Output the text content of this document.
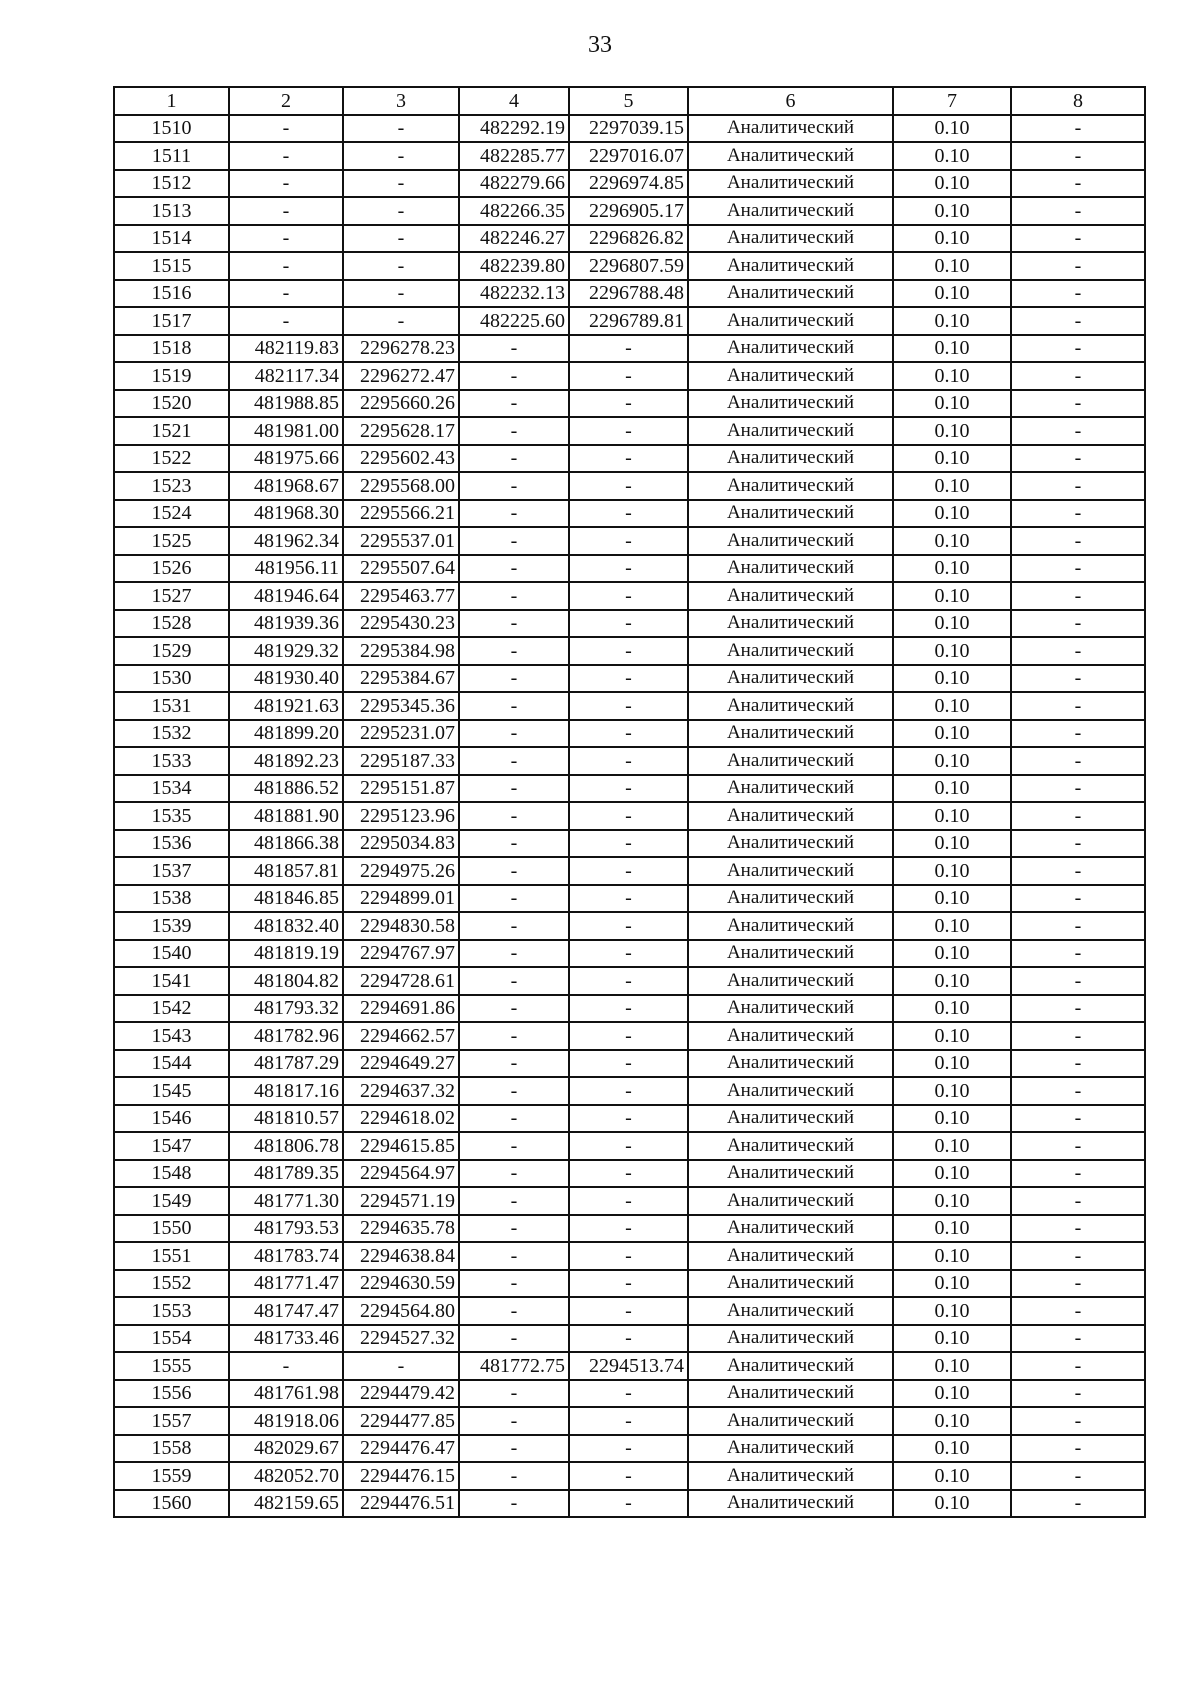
33
1	2	3	4	5	6	7	8
1510	-	-	482292.19	2297039.15	Аналитический	0.10	-
1511	-	-	482285.77	2297016.07	Аналитический	0.10	-
1512	-	-	482279.66	2296974.85	Аналитический	0.10	-
1513	-	-	482266.35	2296905.17	Аналитический	0.10	-
1514	-	-	482246.27	2296826.82	Аналитический	0.10	-
1515	-	-	482239.80	2296807.59	Аналитический	0.10	-
1516	-	-	482232.13	2296788.48	Аналитический	0.10	-
1517	-	-	482225.60	2296789.81	Аналитический	0.10	-
1518	482119.83	2296278.23	-	-	Аналитический	0.10	-
1519	482117.34	2296272.47	-	-	Аналитический	0.10	-
1520	481988.85	2295660.26	-	-	Аналитический	0.10	-
1521	481981.00	2295628.17	-	-	Аналитический	0.10	-
1522	481975.66	2295602.43	-	-	Аналитический	0.10	-
1523	481968.67	2295568.00	-	-	Аналитический	0.10	-
1524	481968.30	2295566.21	-	-	Аналитический	0.10	-
1525	481962.34	2295537.01	-	-	Аналитический	0.10	-
1526	481956.11	2295507.64	-	-	Аналитический	0.10	-
1527	481946.64	2295463.77	-	-	Аналитический	0.10	-
1528	481939.36	2295430.23	-	-	Аналитический	0.10	-
1529	481929.32	2295384.98	-	-	Аналитический	0.10	-
1530	481930.40	2295384.67	-	-	Аналитический	0.10	-
1531	481921.63	2295345.36	-	-	Аналитический	0.10	-
1532	481899.20	2295231.07	-	-	Аналитический	0.10	-
1533	481892.23	2295187.33	-	-	Аналитический	0.10	-
1534	481886.52	2295151.87	-	-	Аналитический	0.10	-
1535	481881.90	2295123.96	-	-	Аналитический	0.10	-
1536	481866.38	2295034.83	-	-	Аналитический	0.10	-
1537	481857.81	2294975.26	-	-	Аналитический	0.10	-
1538	481846.85	2294899.01	-	-	Аналитический	0.10	-
1539	481832.40	2294830.58	-	-	Аналитический	0.10	-
1540	481819.19	2294767.97	-	-	Аналитический	0.10	-
1541	481804.82	2294728.61	-	-	Аналитический	0.10	-
1542	481793.32	2294691.86	-	-	Аналитический	0.10	-
1543	481782.96	2294662.57	-	-	Аналитический	0.10	-
1544	481787.29	2294649.27	-	-	Аналитический	0.10	-
1545	481817.16	2294637.32	-	-	Аналитический	0.10	-
1546	481810.57	2294618.02	-	-	Аналитический	0.10	-
1547	481806.78	2294615.85	-	-	Аналитический	0.10	-
1548	481789.35	2294564.97	-	-	Аналитический	0.10	-
1549	481771.30	2294571.19	-	-	Аналитический	0.10	-
1550	481793.53	2294635.78	-	-	Аналитический	0.10	-
1551	481783.74	2294638.84	-	-	Аналитический	0.10	-
1552	481771.47	2294630.59	-	-	Аналитический	0.10	-
1553	481747.47	2294564.80	-	-	Аналитический	0.10	-
1554	481733.46	2294527.32	-	-	Аналитический	0.10	-
1555	-	-	481772.75	2294513.74	Аналитический	0.10	-
1556	481761.98	2294479.42	-	-	Аналитический	0.10	-
1557	481918.06	2294477.85	-	-	Аналитический	0.10	-
1558	482029.67	2294476.47	-	-	Аналитический	0.10	-
1559	482052.70	2294476.15	-	-	Аналитический	0.10	-
1560	482159.65	2294476.51	-	-	Аналитический	0.10	-
